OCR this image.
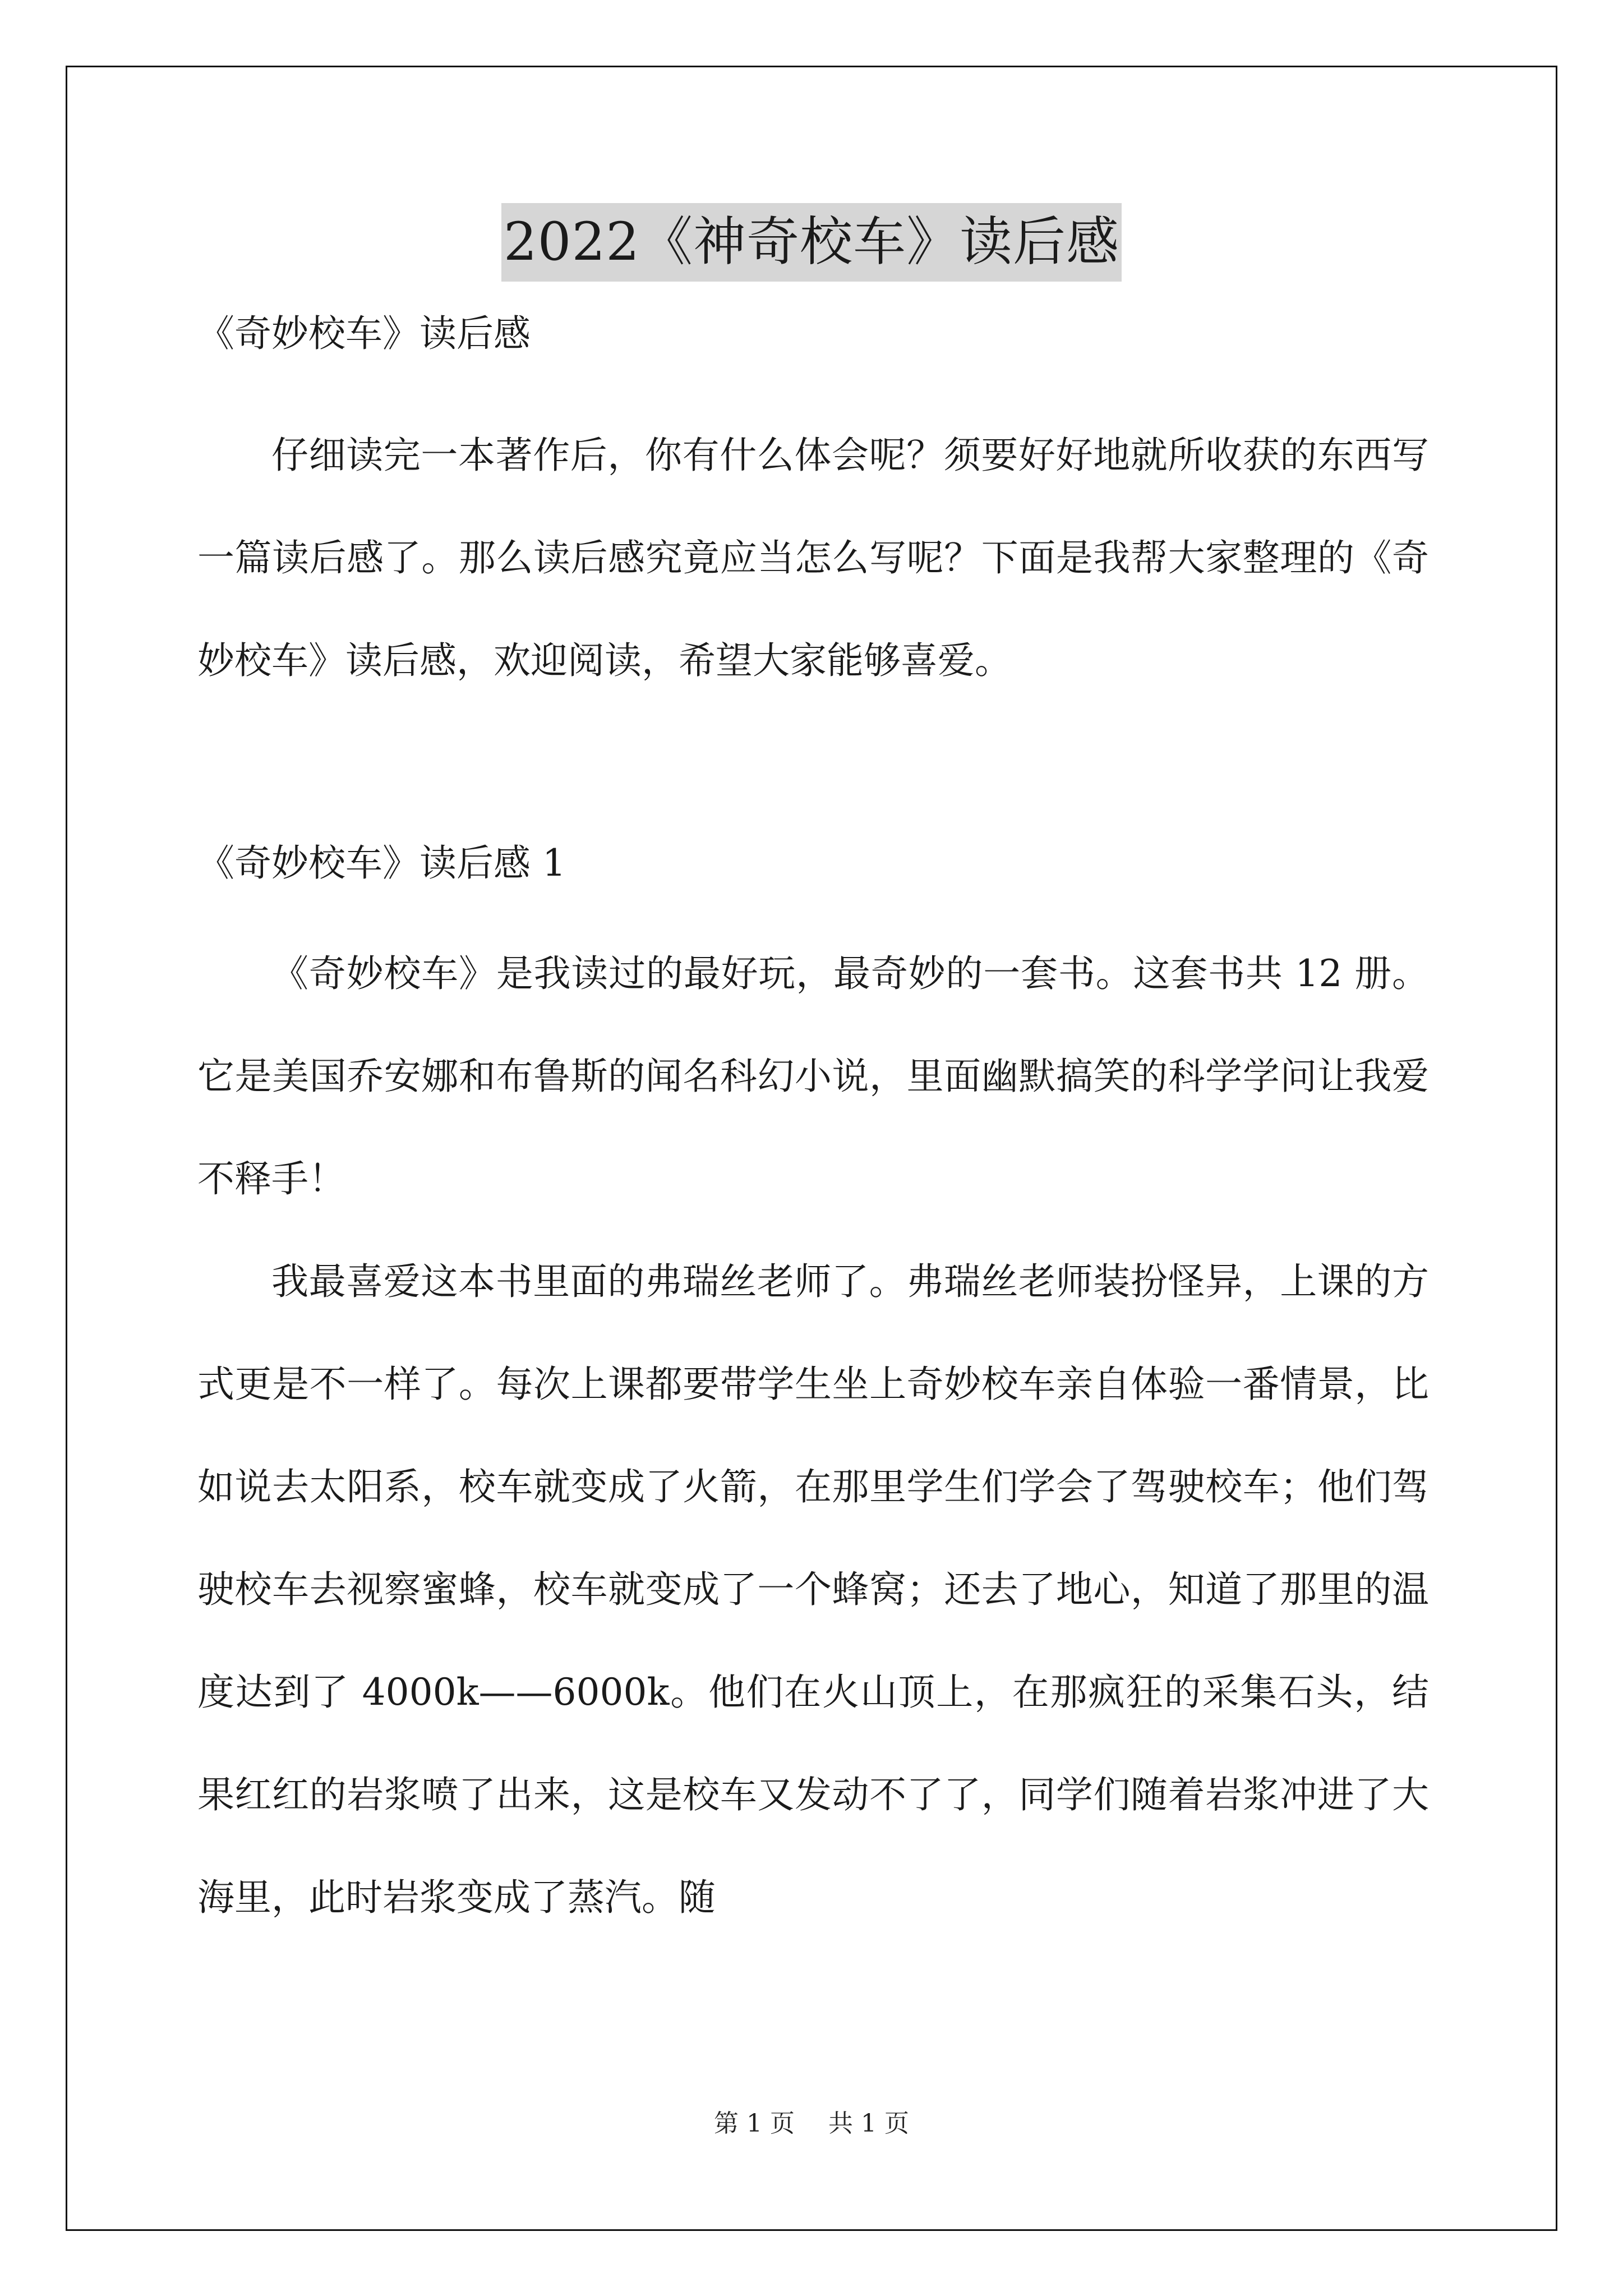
2022《神奇校车》读后感

《奇妙校车》读后感

仔细读完一本著作后，你有什么体会呢？须要好好地就所收获的东西写一篇读后感了。那么读后感究竟应当怎么写呢？下面是我帮大家整理的《奇妙校车》读后感，欢迎阅读，希望大家能够喜爱。

《奇妙校车》读后感 1

《奇妙校车》是我读过的最好玩，最奇妙的一套书。这套书共 12 册。它是美国乔安娜和布鲁斯的闻名科幻小说，里面幽默搞笑的科学学问让我爱不释手！

我最喜爱这本书里面的弗瑞丝老师了。弗瑞丝老师装扮怪异，上课的方式更是不一样了。每次上课都要带学生坐上奇妙校车亲自体验一番情景，比如说去太阳系，校车就变成了火箭，在那里学生们学会了驾驶校车；他们驾驶校车去视察蜜蜂，校车就变成了一个蜂窝；还去了地心，知道了那里的温度达到了 4000k——6000k。他们在火山顶上，在那疯狂的采集石头，结果红红的岩浆喷了出来，这是校车又发动不了了，同学们随着岩浆冲进了大海里，此时岩浆变成了蒸汽。随

第 1 页 共 1 页
